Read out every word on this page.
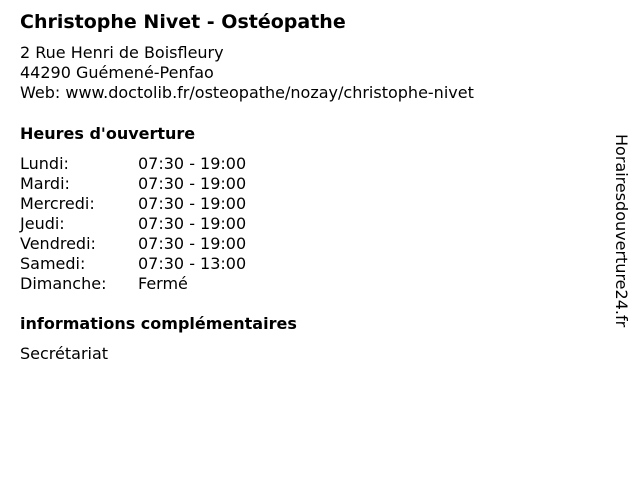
Christophe Nivet - Ostéopathe
2 Rue Henri de Boisfleury
44290 Guémené-Penfao
Web: www.doctolib.fr/osteopathe/nozay/christophe-nivet
Heures d'ouverture
Lundi:	07:30 - 19:00
Mardi:	07:30 - 19:00
Mercredi:	07:30 - 19:00
Jeudi:	07:30 - 19:00
Vendredi:	07:30 - 19:00
Samedi:	07:30 - 13:00
Dimanche:	Fermé
informations complémentaires
Secrétariat
Horairesdouverture24.fr
